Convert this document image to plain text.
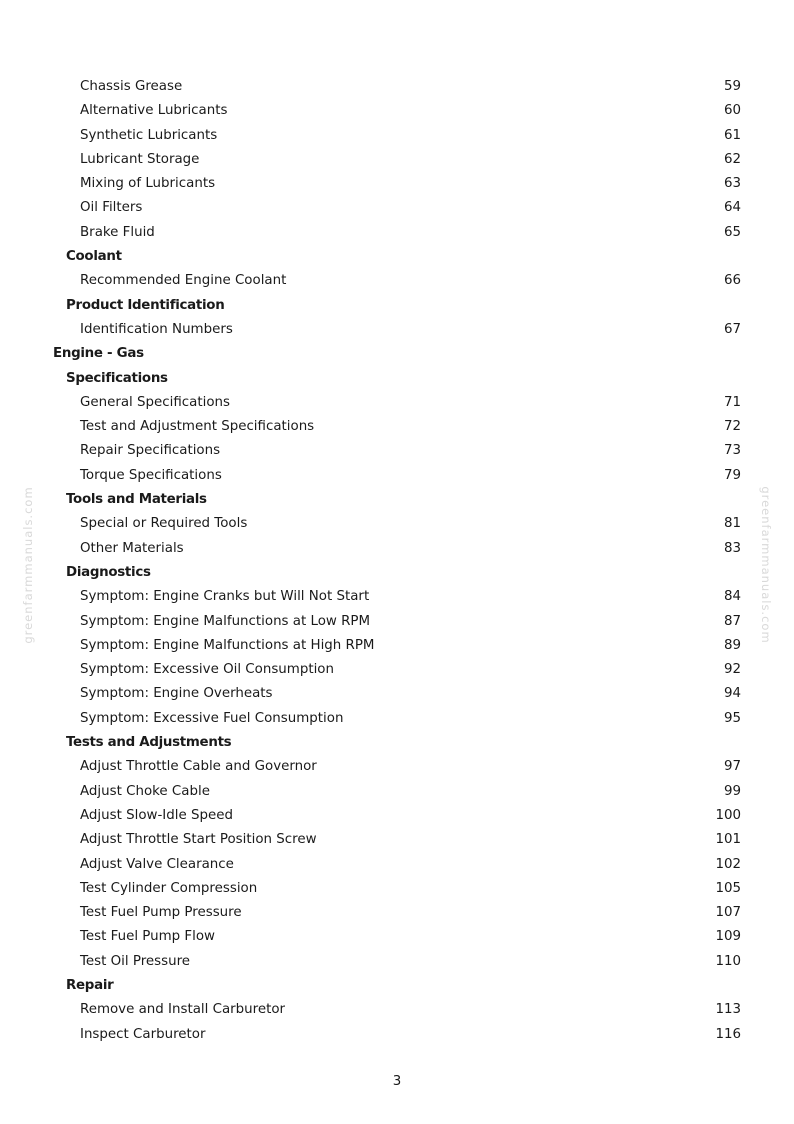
greenfarmmanuals.com	greenfarmmanuals.com
Chassis Grease	59
Alternative Lubricants	60
Synthetic Lubricants	61
Lubricant Storage	62
Mixing of Lubricants	63
Oil Filters	64
Brake Fluid	65
Coolant
Recommended Engine Coolant	66
Product Identification
Identification Numbers	67
Engine - Gas
Specifications
General Specifications	71
Test and Adjustment Specifications	72
Repair Specifications	73
Torque Specifications	79
Tools and Materials
Special or Required Tools	81
Other Materials	83
Diagnostics
Symptom: Engine Cranks but Will Not Start	84
Symptom: Engine Malfunctions at Low RPM	87
Symptom: Engine Malfunctions at High RPM	89
Symptom: Excessive Oil Consumption	92
Symptom: Engine Overheats	94
Symptom: Excessive Fuel Consumption	95
Tests and Adjustments
Adjust Throttle Cable and Governor	97
Adjust Choke Cable	99
Adjust Slow-Idle Speed	100
Adjust Throttle Start Position Screw	101
Adjust Valve Clearance	102
Test Cylinder Compression	105
Test Fuel Pump Pressure	107
Test Fuel Pump Flow	109
Test Oil Pressure	110
Repair
Remove and Install Carburetor	113
Inspect Carburetor	116
3
